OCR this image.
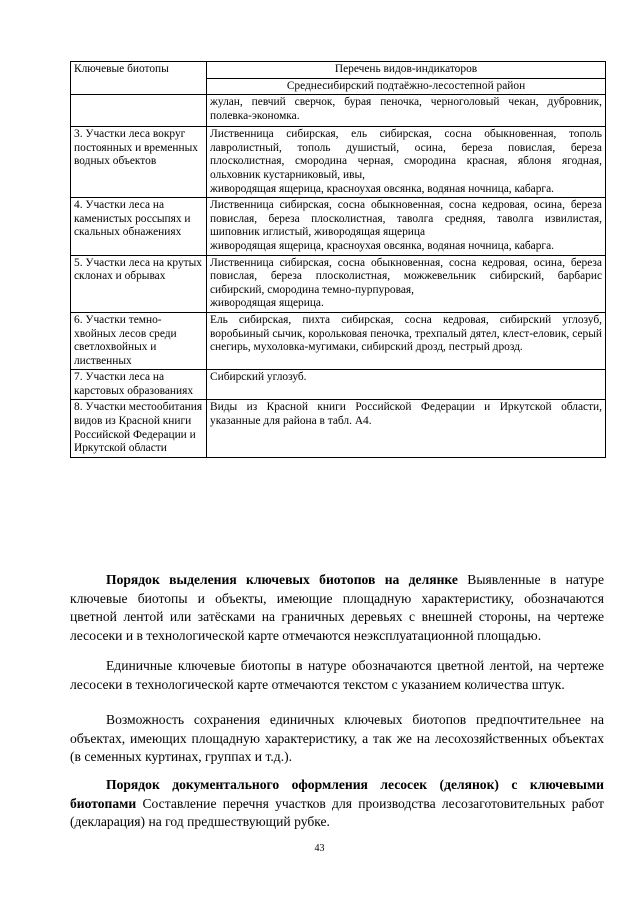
Ключевые биотопы	Перечень видов-индикаторов
	Среднесибирский подтаёжно-лесостепной район
	жулан, певчий сверчок, бурая пеночка, черноголовый чекан, дубровник, полевка-экономка.
3. Участки леса вокруг постоянных и временных водных объектов	Лиственница сибирская, ель сибирская, сосна обыкновенная, тополь лавролистный, тополь душистый, осина, береза повислая, береза плосколистная, смородина черная, смородина красная, яблоня ягодная, ольховник кустарниковый, ивы,
живородящая ящерица, красноухая овсянка, водяная ночница, кабарга.

4. Участки леса на каменистых россыпях и скальных обнажениях	Лиственница сибирская, сосна обыкновенная, сосна кедровая, осина, береза повислая, береза плосколистная, таволга средняя, таволга извилистая, шиповник иглистый, живородящая ящерица
живородящая ящерица, красноухая овсянка, водяная ночница, кабарга.

5. Участки леса на крутых склонах и обрывах	Лиственница сибирская, сосна обыкновенная, сосна кедровая, осина, береза повислая, береза плосколистная, можжевельник сибирский, барбарис сибирский, смородина темно-пурпуровая,
живородящая ящерица.

6. Участки темно-хвойных лесов среди светлохвойных и лиственных	Ель сибирская, пихта сибирская, сосна кедровая, сибирский углозуб, воробьиный сычик, корольковая пеночка, трехпалый дятел, клест-еловик, серый снегирь, мухоловка-мугимаки, сибирский дрозд, пестрый дрозд.
7. Участки леса на карстовых образованиях	Сибирский углозуб.
8. Участки местообитания видов из Красной книги Российской Федерации и Иркутской области	Виды из Красной книги Российской Федерации и Иркутской области, указанные для района в табл. А4.

Порядок выделения ключевых биотопов на делянке Выявленные в натуре ключевые биотопы и объекты, имеющие площадную характеристику, обозначаются цветной лентой или затёсками на граничных деревьях с внешней стороны, на чертеже лесосеки и в технологической карте отмечаются неэксплуатационной площадью.

Единичные ключевые биотопы в натуре обозначаются цветной лентой, на чертеже лесосеки в технологической карте отмечаются текстом с указанием количества штук.

Возможность сохранения единичных ключевых биотопов предпочтительнее на объектах, имеющих площадную характеристику, а так же на лесохозяйственных объектах (в семенных куртинах, группах и т.д.).

Порядок документального оформления лесосек (делянок) с ключевыми биотопами Составление перечня участков для производства лесозаготовительных работ (декларация) на год предшествующий рубке.

43
